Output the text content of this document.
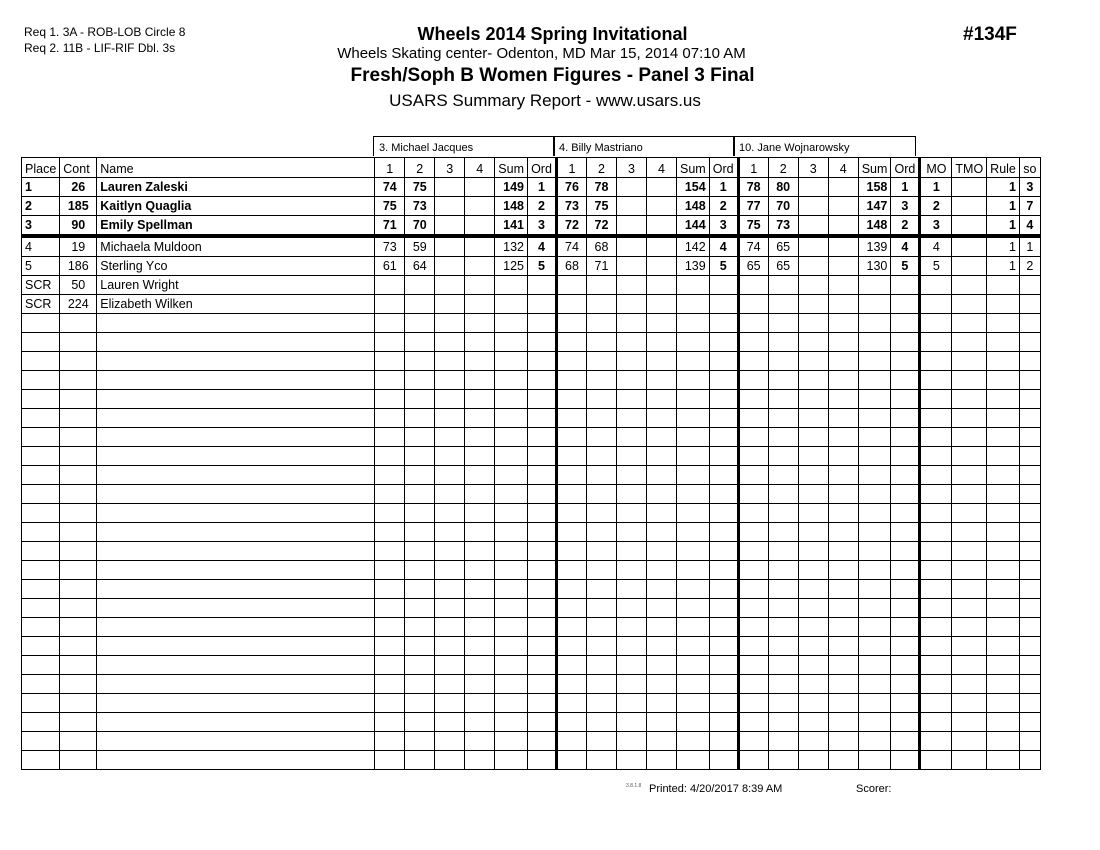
Req 1. 3A - ROB-LOB Circle 8
Req 2. 11B - LIF-RIF Dbl. 3s
Wheels 2014 Spring Invitational
Wheels Skating center- Odenton, MD Mar 15, 2014 07:10 AM
Fresh/Soph B Women Figures - Panel 3 Final
USARS Summary Report - www.usars.us
#134F
3. Michael Jacques	4. Billy Mastriano	10. Jane Wojnarowsky
Place	Cont	Name	1	2	3	4	Sum	Ord	1	2	3	4	Sum	Ord	1	2	3	4	Sum	Ord	MO	TMO	Rule	so
1	26	Lauren Zaleski	74	75			149	1	76	78			154	1	78	80			158	1	1		1	3
2	185	Kaitlyn Quaglia	75	73			148	2	73	75			148	2	77	70			147	3	2		1	7
3	90	Emily Spellman	71	70			141	3	72	72			144	3	75	73			148	2	3		1	4
4	19	Michaela Muldoon	73	59			132	4	74	68			142	4	74	65			139	4	4		1	1
5	186	Sterling Yco	61	64			125	5	68	71			139	5	65	65			130	5	5		1	2
SCR	50	Lauren Wright																						
SCR	224	Elizabeth Wilken																						

3.8.1.8 Printed: 4/20/2017 8:39 AM	Scorer:
